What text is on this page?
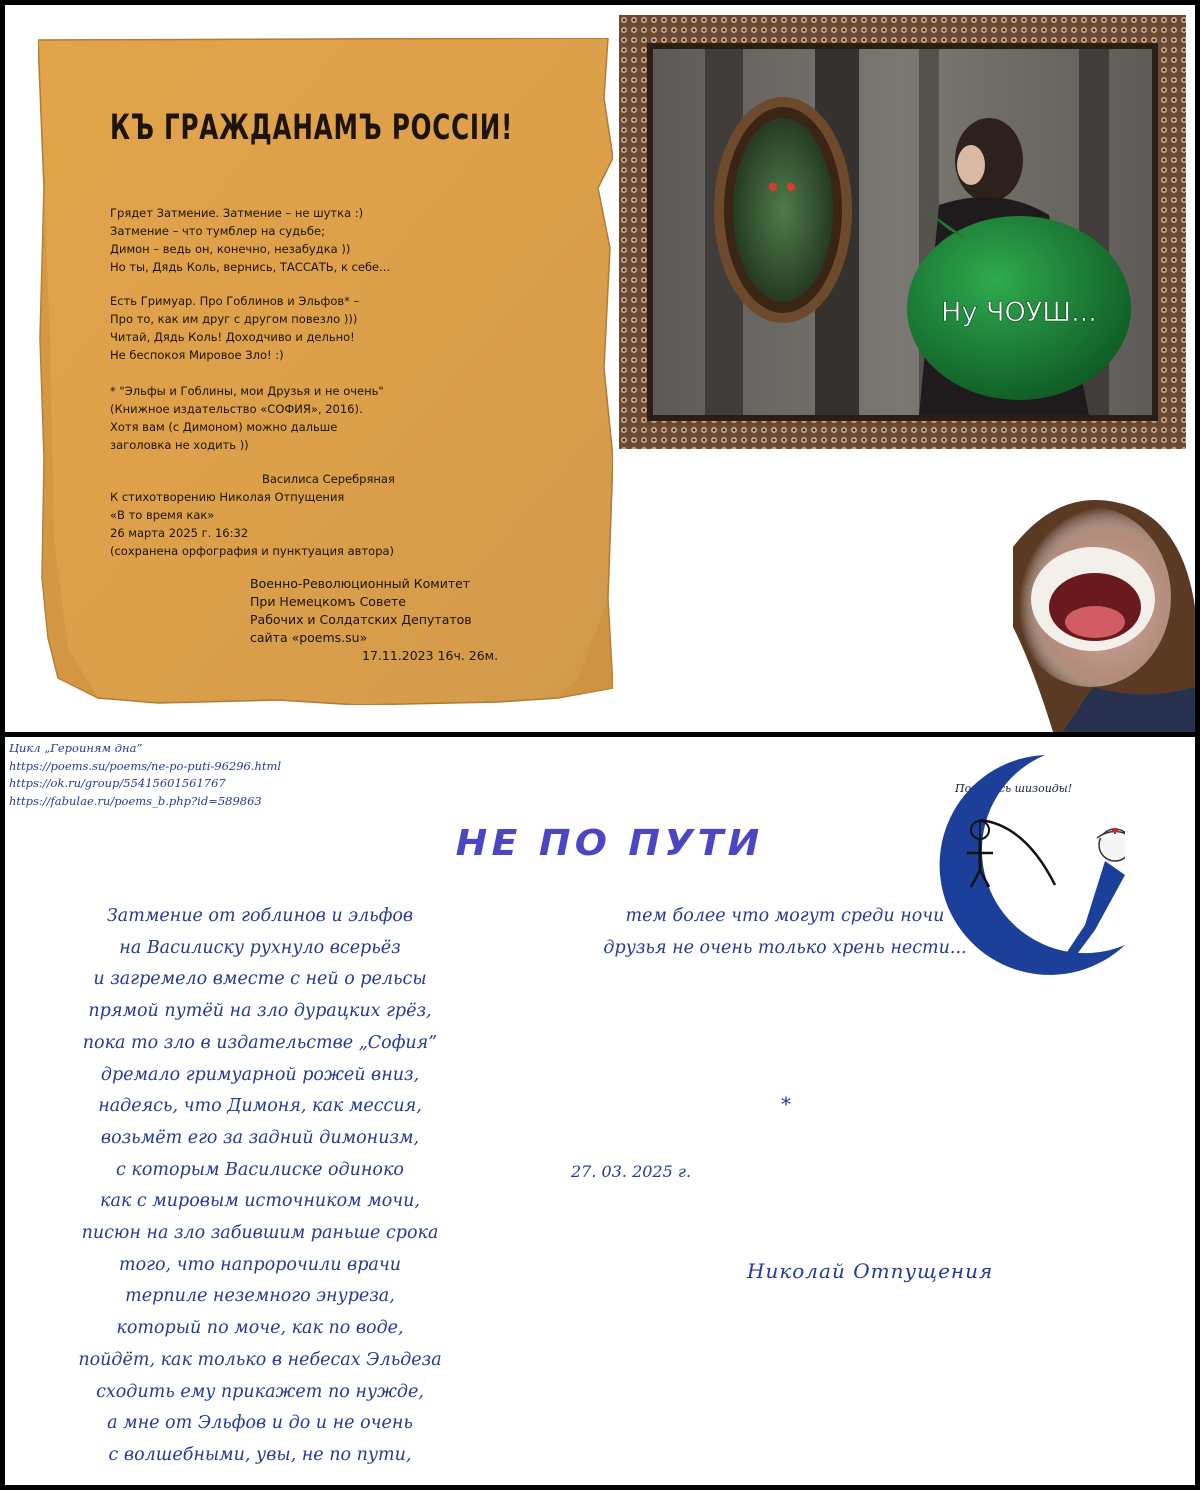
КЪ ГРАЖДАНАМЪ РОССIИ!
Грядет Затмение. Затмение – не шутка :)
Затмение – что тумблер на судьбе;
Димон – ведь он, конечно, незабудка ))
Но ты, Дядь Коль, вернись, ТАССАТЬ, к себе...
Есть Гримуар. Про Гоблинов и Эльфов* –
Про то, как им друг с другом повезло )))
Читай, Дядь Коль! Доходчиво и дельно!
Не беспокоя Мировое Зло! :)
* "Эльфы и Гоблины, мои Друзья и не очень"
(Книжное издательство «СОФИЯ», 2016).
Хотя вам (с Димоном) можно дальше
заголовка не ходить ))
Василиса Серебряная
К стихотворению Николая Отпущения
«В то время как»
26 марта 2025 г. 16:32
(сохранена орфография и пунктуация автора)
Военно-Революционный Комитет
При Немецкомъ Совете
Рабочих и Солдатских Депутатов
сайта «poems.su»
17.11.2023 16ч. 26м.
Ну ЧОУШ...
Цикл „Героиням дна”
https://poems.su/poems/ne-po-puti-96296.html
https://ok.ru/group/55415601561767
https://fabulae.ru/poems_b.php?id=589863
Попались шизоиды!
НЕ ПО ПУТИ
Затмение от гоблинов и эльфов
на Василиску рухнуло всерьёз
и загремело вместе с ней о рельсы
прямой путёй на зло дурацких грёз,
пока то зло в издательстве „София”
дремало гримуарной рожей вниз,
надеясь, что Димоня, как мессия,
возьмёт его за задний димонизм,
с которым Василиске одиноко
как с мировым источником мочи,
писюн на зло забившим раньше срока
того, что напророчили врачи
терпиле неземного энуреза,
который по моче, как по воде,
пойдёт, как только в небесах Эльдеза
сходить ему прикажет по нужде,
а мне от Эльфов и до и не очень
с волшебными, увы, не по пути,
тем более что могут среди ночи
друзья не очень только хрень нести...
*
27. 03. 2025 г.
Николай Отпущения
